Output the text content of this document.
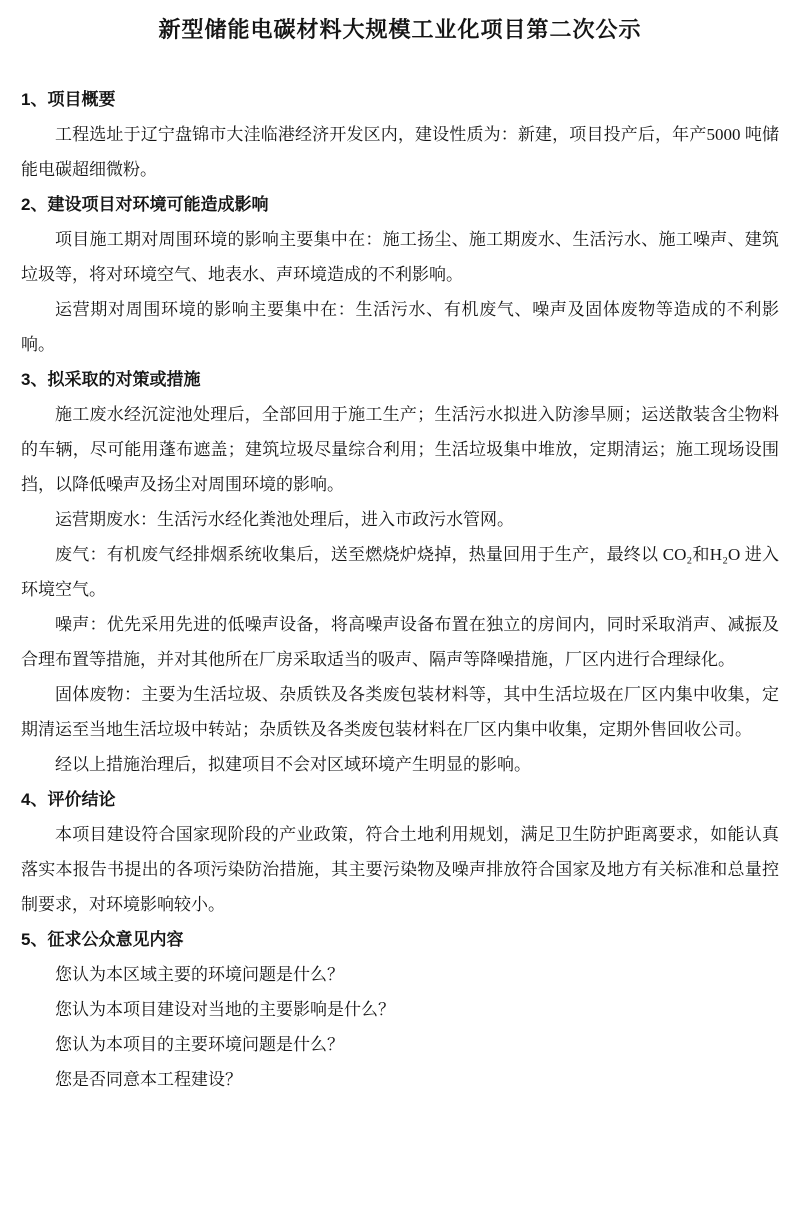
新型储能电碳材料大规模工业化项目第二次公示
1、项目概要

工程选址于辽宁盘锦市大洼临港经济开发区内，建设性质为：新建，项目投产后，年产5000 吨储能电碳超细微粉。

2、建设项目对环境可能造成影响

项目施工期对周围环境的影响主要集中在：施工扬尘、施工期废水、生活污水、施工噪声、建筑垃圾等，将对环境空气、地表水、声环境造成的不利影响。

运营期对周围环境的影响主要集中在：生活污水、有机废气、噪声及固体废物等造成的不利影响。

3、拟采取的对策或措施

施工废水经沉淀池处理后，全部回用于施工生产；生活污水拟进入防渗旱厕；运送散装含尘物料的车辆，尽可能用蓬布遮盖；建筑垃圾尽量综合利用；生活垃圾集中堆放，定期清运；施工现场设围挡，以降低噪声及扬尘对周围环境的影响。

运营期废水：生活污水经化粪池处理后，进入市政污水管网。

废气：有机废气经排烟系统收集后，送至燃烧炉烧掉，热量回用于生产，最终以 CO₂和H₂O 进入环境空气。

噪声：优先采用先进的低噪声设备，将高噪声设备布置在独立的房间内，同时采取消声、减振及合理布置等措施，并对其他所在厂房采取适当的吸声、隔声等降噪措施，厂区内进行合理绿化。

固体废物：主要为生活垃圾、杂质铁及各类废包装材料等，其中生活垃圾在厂区内集中收集，定期清运至当地生活垃圾中转站；杂质铁及各类废包装材料在厂区内集中收集，定期外售回收公司。

经以上措施治理后，拟建项目不会对区域环境产生明显的影响。

4、评价结论

本项目建设符合国家现阶段的产业政策，符合土地利用规划，满足卫生防护距离要求，如能认真落实本报告书提出的各项污染防治措施，其主要污染物及噪声排放符合国家及地方有关标准和总量控制要求，对环境影响较小。

5、征求公众意见内容

您认为本区域主要的环境问题是什么？

您认为本项目建设对当地的主要影响是什么？

您认为本项目的主要环境问题是什么？

您是否同意本工程建设？
